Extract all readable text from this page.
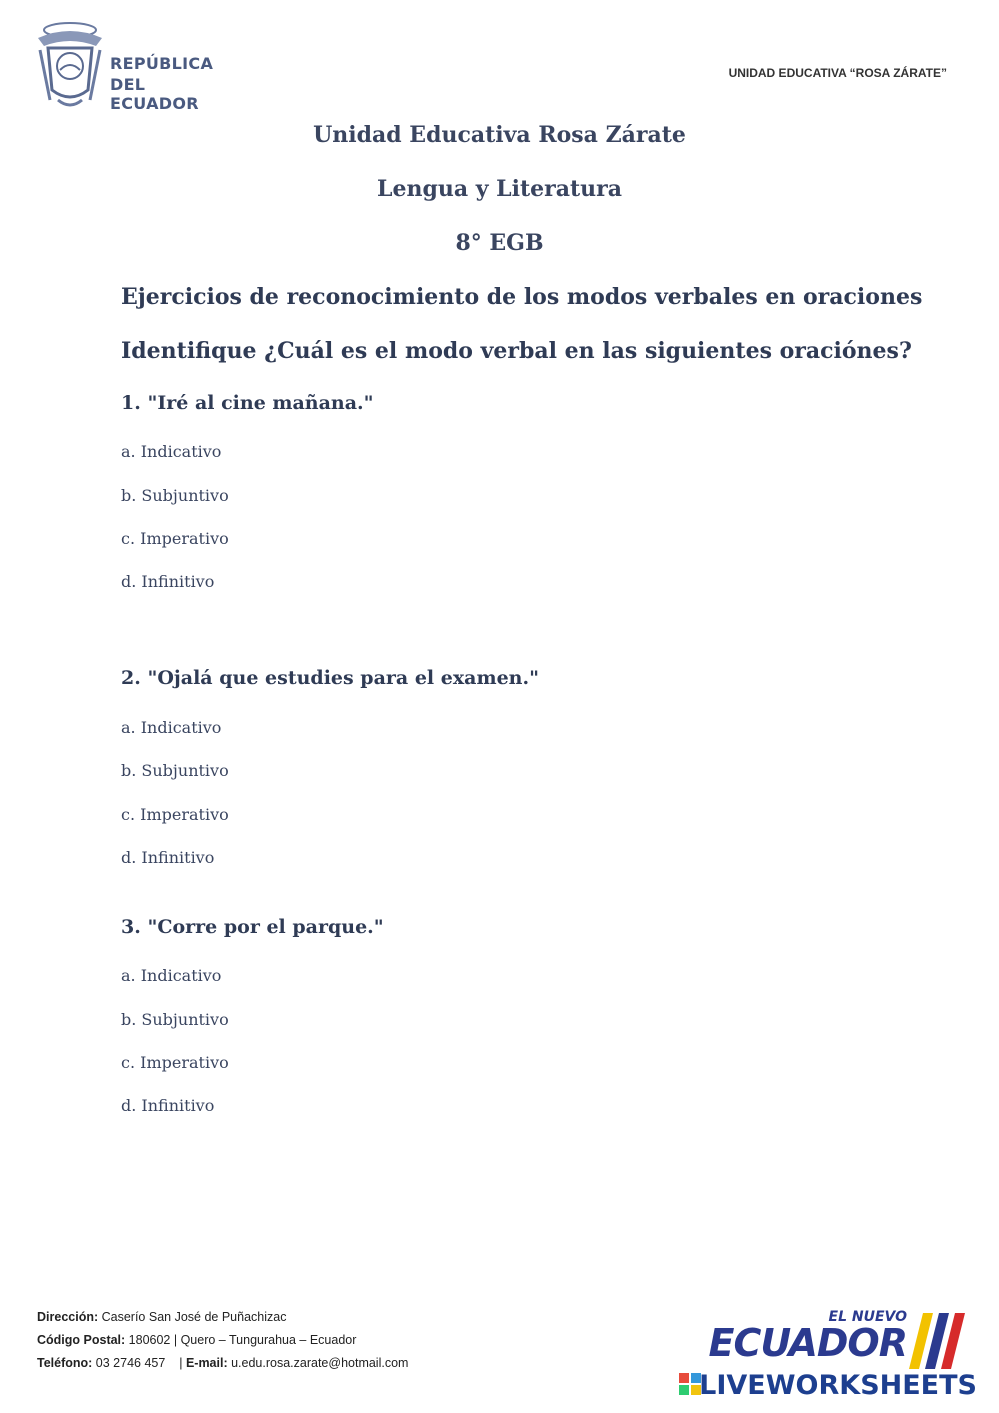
REPÚBLICA
DEL ECUADOR
UNIDAD EDUCATIVA “ROSA ZÁRATE”
Unidad Educativa Rosa Zárate
Lengua y Literatura
8° EGB
Ejercicios de reconocimiento de los modos verbales en oraciones
Identifique ¿Cuál es el modo verbal en las siguientes oraciónes?
1. "Iré al cine mañana."
a. Indicativo
b. Subjuntivo
c. Imperativo
d. Infinitivo
2. "Ojalá que estudies para el examen."
a. Indicativo
b. Subjuntivo
c. Imperativo
d. Infinitivo
3. "Corre por el parque."
a. Indicativo
b. Subjuntivo
c. Imperativo
d. Infinitivo
Dirección: Caserío San José de Puñachizac
Código Postal: 180602 | Quero – Tungurahua – Ecuador
Teléfono: 03 2746 457    | E-mail: u.edu.rosa.zarate@hotmail.com
EL NUEVO
ECUADOR
LIVEWORKSHEETS
